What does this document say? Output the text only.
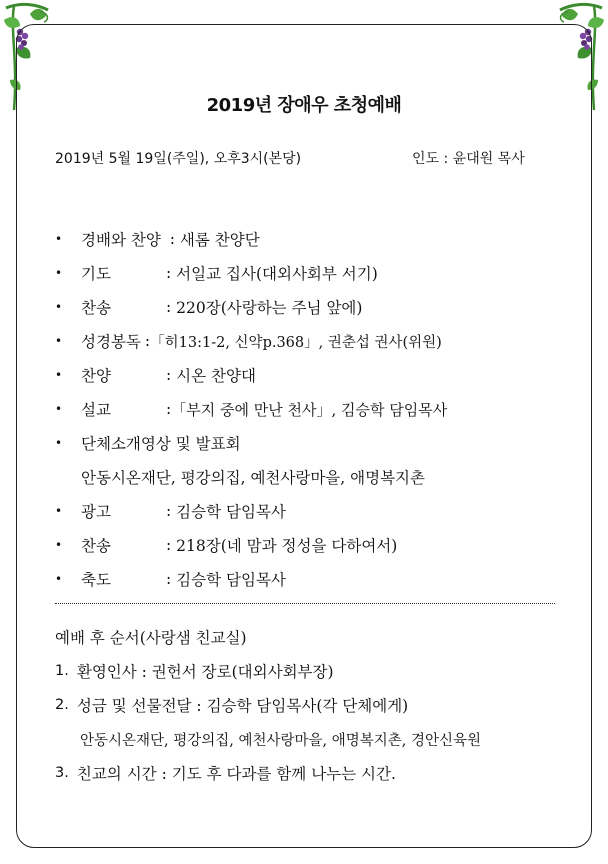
2019년 장애우 초청예배
2019년 5월 19일(주일), 오후3시(본당)	인도 : 윤대원 목사
•	경배와 찬양 : 새롬 찬양단
•	기도	: 서일교 집사(대외사회부 서기)
•	찬송	: 220장(사랑하는 주님 앞에)
•	성경봉독 : 「히13:1-2, 신약p.368」, 권춘섭 권사(위원)
•	찬양	: 시온 찬양대
•	설교	: 「부지 중에 만난 천사」, 김승학 담임목사
•	단체소개영상 및 발표회
안동시온재단, 평강의집, 예천사랑마을, 애명복지촌
•	광고	: 김승학 담임목사
•	찬송	: 218장(네 맘과 정성을 다하여서)
•	축도	: 김승학 담임목사
예배 후 순서(사랑샘 친교실)
1. 환영인사 : 권헌서 장로(대외사회부장)
2. 성금 및 선물전달 : 김승학 담임목사(각 단체에게)
안동시온재단, 평강의집, 예천사랑마을, 애명복지촌, 경안신육원
3. 친교의 시간 : 기도 후 다과를 함께 나누는 시간.
